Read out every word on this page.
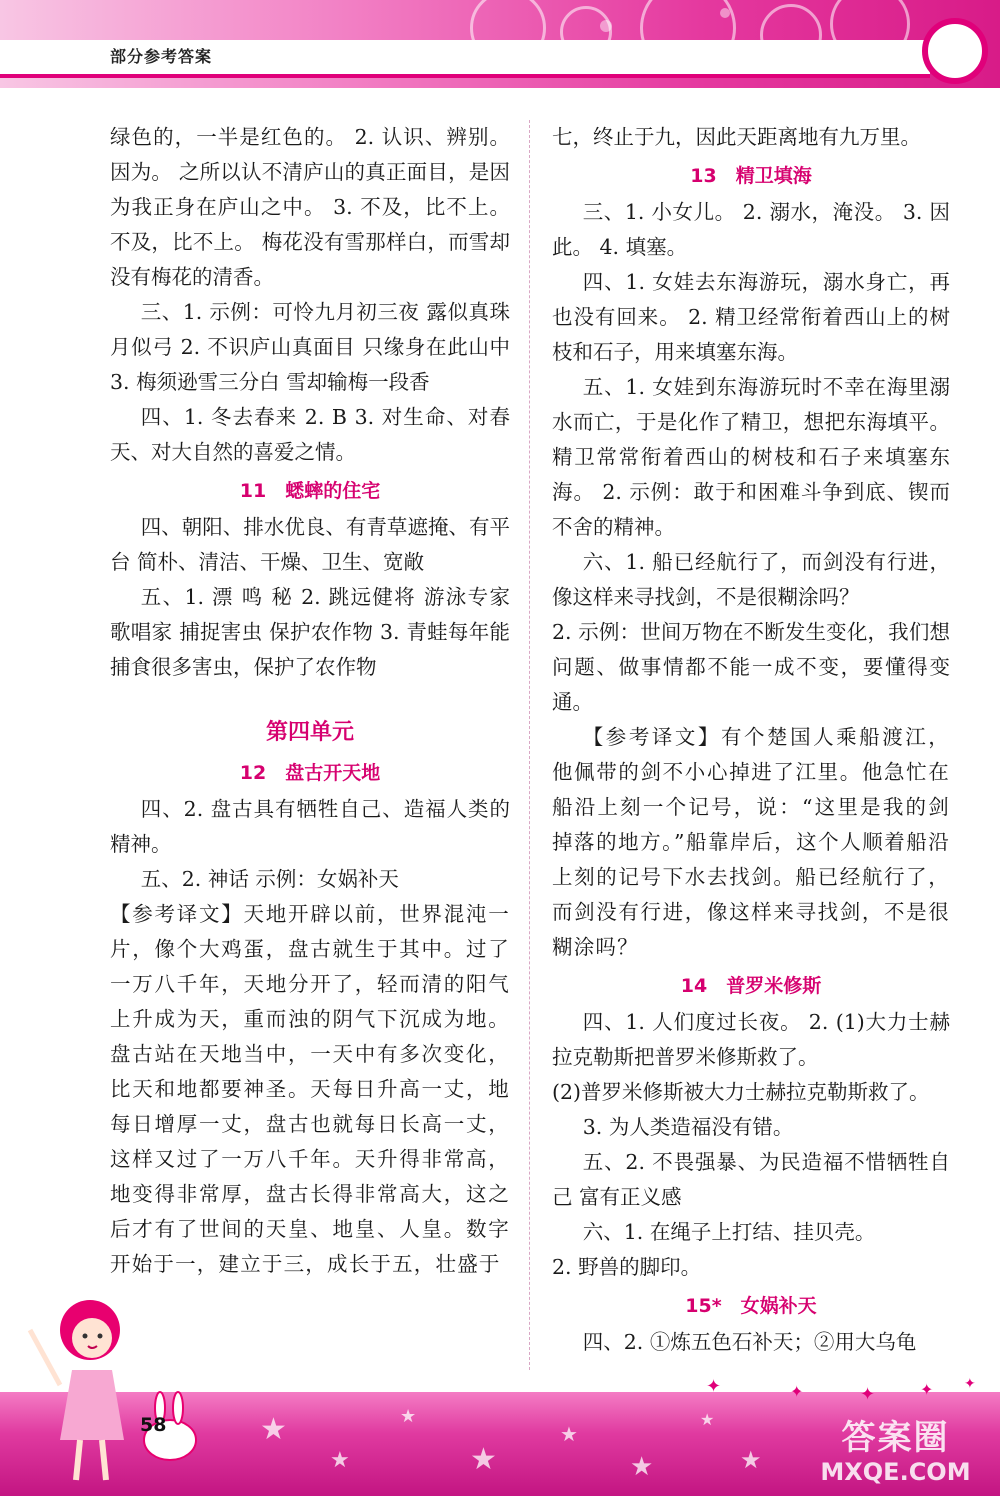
部分参考答案

绿色的，一半是红色的。 2. 认识、辨别。 因为。 之所以认不清庐山的真正面目，是因为我正身在庐山之中。 3. 不及，比不上。 不及，比不上。 梅花没有雪那样白，而雪却没有梅花的清香。

三、1. 示例：可怜九月初三夜 露似真珠月似弓 2. 不识庐山真面目 只缘身在此山中 3. 梅须逊雪三分白 雪却输梅一段香

四、1. 冬去春来 2. B 3. 对生命、对春天、对大自然的喜爱之情。

11　蟋蟀的住宅

四、朝阳、排水优良、有青草遮掩、有平台 简朴、清洁、干燥、卫生、宽敞

五、1. 漂 鸣 秘 2. 跳远健将 游泳专家 歌唱家 捕捉害虫 保护农作物 3. 青蛙每年能捕食很多害虫，保护了农作物

第四单元
12　盘古开天地

四、2. 盘古具有牺牲自己、造福人类的精神。

五、2. 神话 示例：女娲补天

【参考译文】天地开辟以前，世界混沌一片，像个大鸡蛋，盘古就生于其中。过了一万八千年，天地分开了，轻而清的阳气上升成为天，重而浊的阴气下沉成为地。盘古站在天地当中，一天中有多次变化，比天和地都要神圣。天每日升高一丈，地每日增厚一丈，盘古也就每日长高一丈，这样又过了一万八千年。天升得非常高，地变得非常厚，盘古长得非常高大，这之后才有了世间的天皇、地皇、人皇。数字开始于一，建立于三，成长于五，壮盛于

七，终止于九，因此天距离地有九万里。

13　精卫填海

三、1. 小女儿。 2. 溺水，淹没。 3. 因此。 4. 填塞。

四、1. 女娃去东海游玩，溺水身亡，再也没有回来。 2. 精卫经常衔着西山上的树枝和石子，用来填塞东海。

五、1. 女娃到东海游玩时不幸在海里溺水而亡，于是化作了精卫，想把东海填平。精卫常常衔着西山的树枝和石子来填塞东海。 2. 示例：敢于和困难斗争到底、锲而不舍的精神。

六、1. 船已经航行了，而剑没有行进，像这样来寻找剑，不是很糊涂吗？

2. 示例：世间万物在不断发生变化，我们想问题、做事情都不能一成不变，要懂得变通。

【参考译文】有个楚国人乘船渡江，他佩带的剑不小心掉进了江里。他急忙在船沿上刻一个记号，说：“这里是我的剑掉落的地方。”船靠岸后，这个人顺着船沿上刻的记号下水去找剑。船已经航行了，而剑没有行进，像这样来寻找剑，不是很糊涂吗？

14　普罗米修斯

四、1. 人们度过长夜。 2. (1)大力士赫拉克勒斯把普罗米修斯救了。

(2)普罗米修斯被大力士赫拉克勒斯救了。

3. 为人类造福没有错。

五、2. 不畏强暴、为民造福不惜牺牲自己 富有正义感

六、1. 在绳子上打结、挂贝壳。

2. 野兽的脚印。

15*　女娲补天

四、2. ①炼五色石补天；②用大乌龟

★
★
★
★
★
★
★
★
✦	✦	✦	✦ ✦
58	答案圈
MXQE.COM
